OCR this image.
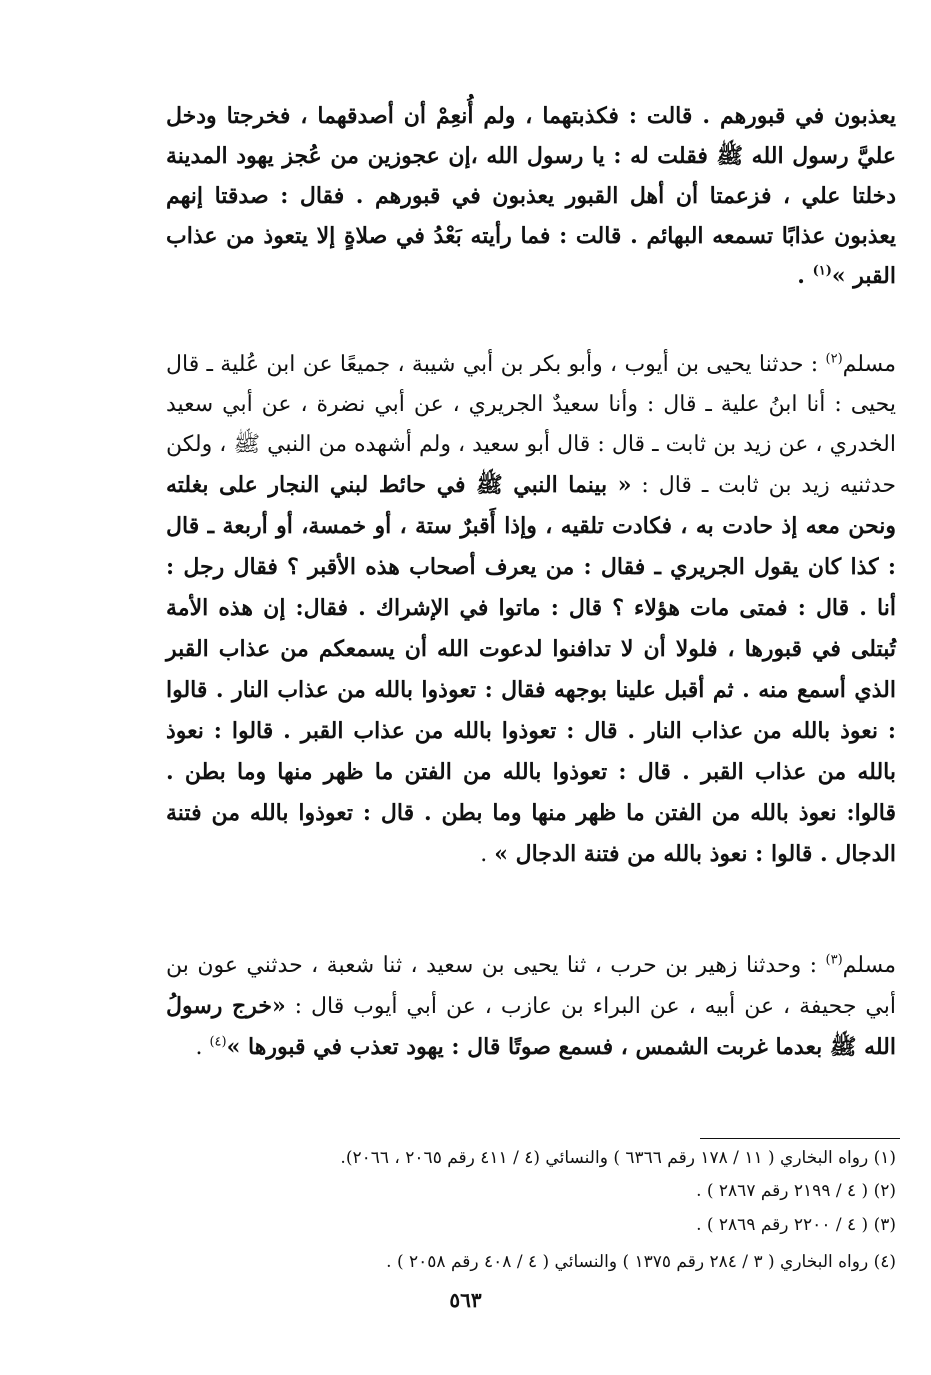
يعذبون في قبورهم . قالت : فكذبتهما ، ولم أُنعِمْ أن أصدقهما ، فخرجتا ودخل عليَّ رسول الله ﷺ فقلت له : يا رسول الله ،إن عجوزين من عُجز يهود المدينة دخلتا علي ، فزعمتا أن أهل القبور يعذبون في قبورهم . فقال : صدقتا إنهم يعذبون عذابًا تسمعه البهائم . قالت : فما رأيته بَعْدُ في صلاةٍ إلا يتعوذ من عذاب القبر »$^{(١)}$ .

مسلم$^{(٢)}$ : حدثنا يحيى بن أيوب ، وأبو بكر بن أبي شيبة ، جميعًا عن ابن عُلية ـ قال يحيى : أنا ابنُ علية ـ قال : وأنا سعيدٌ الجريري ، عن أبي نضرة ، عن أبي سعيد الخدري ، عن زيد بن ثابت ـ قال : قال أبو سعيد ، ولم أشهده من النبي ﷺ ، ولكن حدثنيه زيد بن ثابت ـ قال : « بينما النبي ﷺ في حائط لبني النجار على بغلته ونحن معه إذ حادت به ، فكادت تلقيه ، وإذا أَقبرٌ ستة ، أو خمسة، أو أربعة ـ قال : كذا كان يقول الجريري ـ فقال : من يعرف أصحاب هذه الأقبر ؟ فقال رجل : أنا . قال : فمتى مات هؤلاء ؟ قال : ماتوا في الإشراك . فقال: إن هذه الأمة تُبتلى في قبورها ، فلولا أن لا تدافنوا لدعوت الله أن يسمعكم من عذاب القبر الذي أسمع منه . ثم أقبل علينا بوجهه فقال : تعوذوا بالله من عذاب النار . قالوا : نعوذ بالله من عذاب النار . قال : تعوذوا بالله من عذاب القبر . قالوا : نعوذ بالله من عذاب القبر . قال : تعوذوا بالله من الفتن ما ظهر منها وما بطن . قالوا: نعوذ بالله من الفتن ما ظهر منها وما بطن . قال : تعوذوا بالله من فتنة الدجال . قالوا : نعوذ بالله من فتنة الدجال » .

مسلم$^{(٣)}$ : وحدثنا زهير بن حرب ، ثنا يحيى بن سعيد ، ثنا شعبة ، حدثني عون بن أبي جحيفة ، عن أبيه ، عن البراء بن عازب ، عن أبي أيوب قال : «خرج رسولُ الله ﷺ بعدما غربت الشمس ، فسمع صوتًا قال : يهود تعذب في قبورها »$^{(٤)}$ .

(١) رواه البخاري ( ١١ / ١٧٨ رقم ٦٣٦٦ ) والنسائي (٤ / ٤١١ رقم ٢٠٦٥ ، ٢٠٦٦).
(٢) ( ٤ / ٢١٩٩ رقم ٢٨٦٧ ) .
(٣) ( ٤ / ٢٢٠٠ رقم ٢٨٦٩ ) .
(٤) رواه البخاري ( ٣ / ٢٨٤ رقم ١٣٧٥ ) والنسائي ( ٤ / ٤٠٨ رقم ٢٠٥٨ ) .
٥٦٣
